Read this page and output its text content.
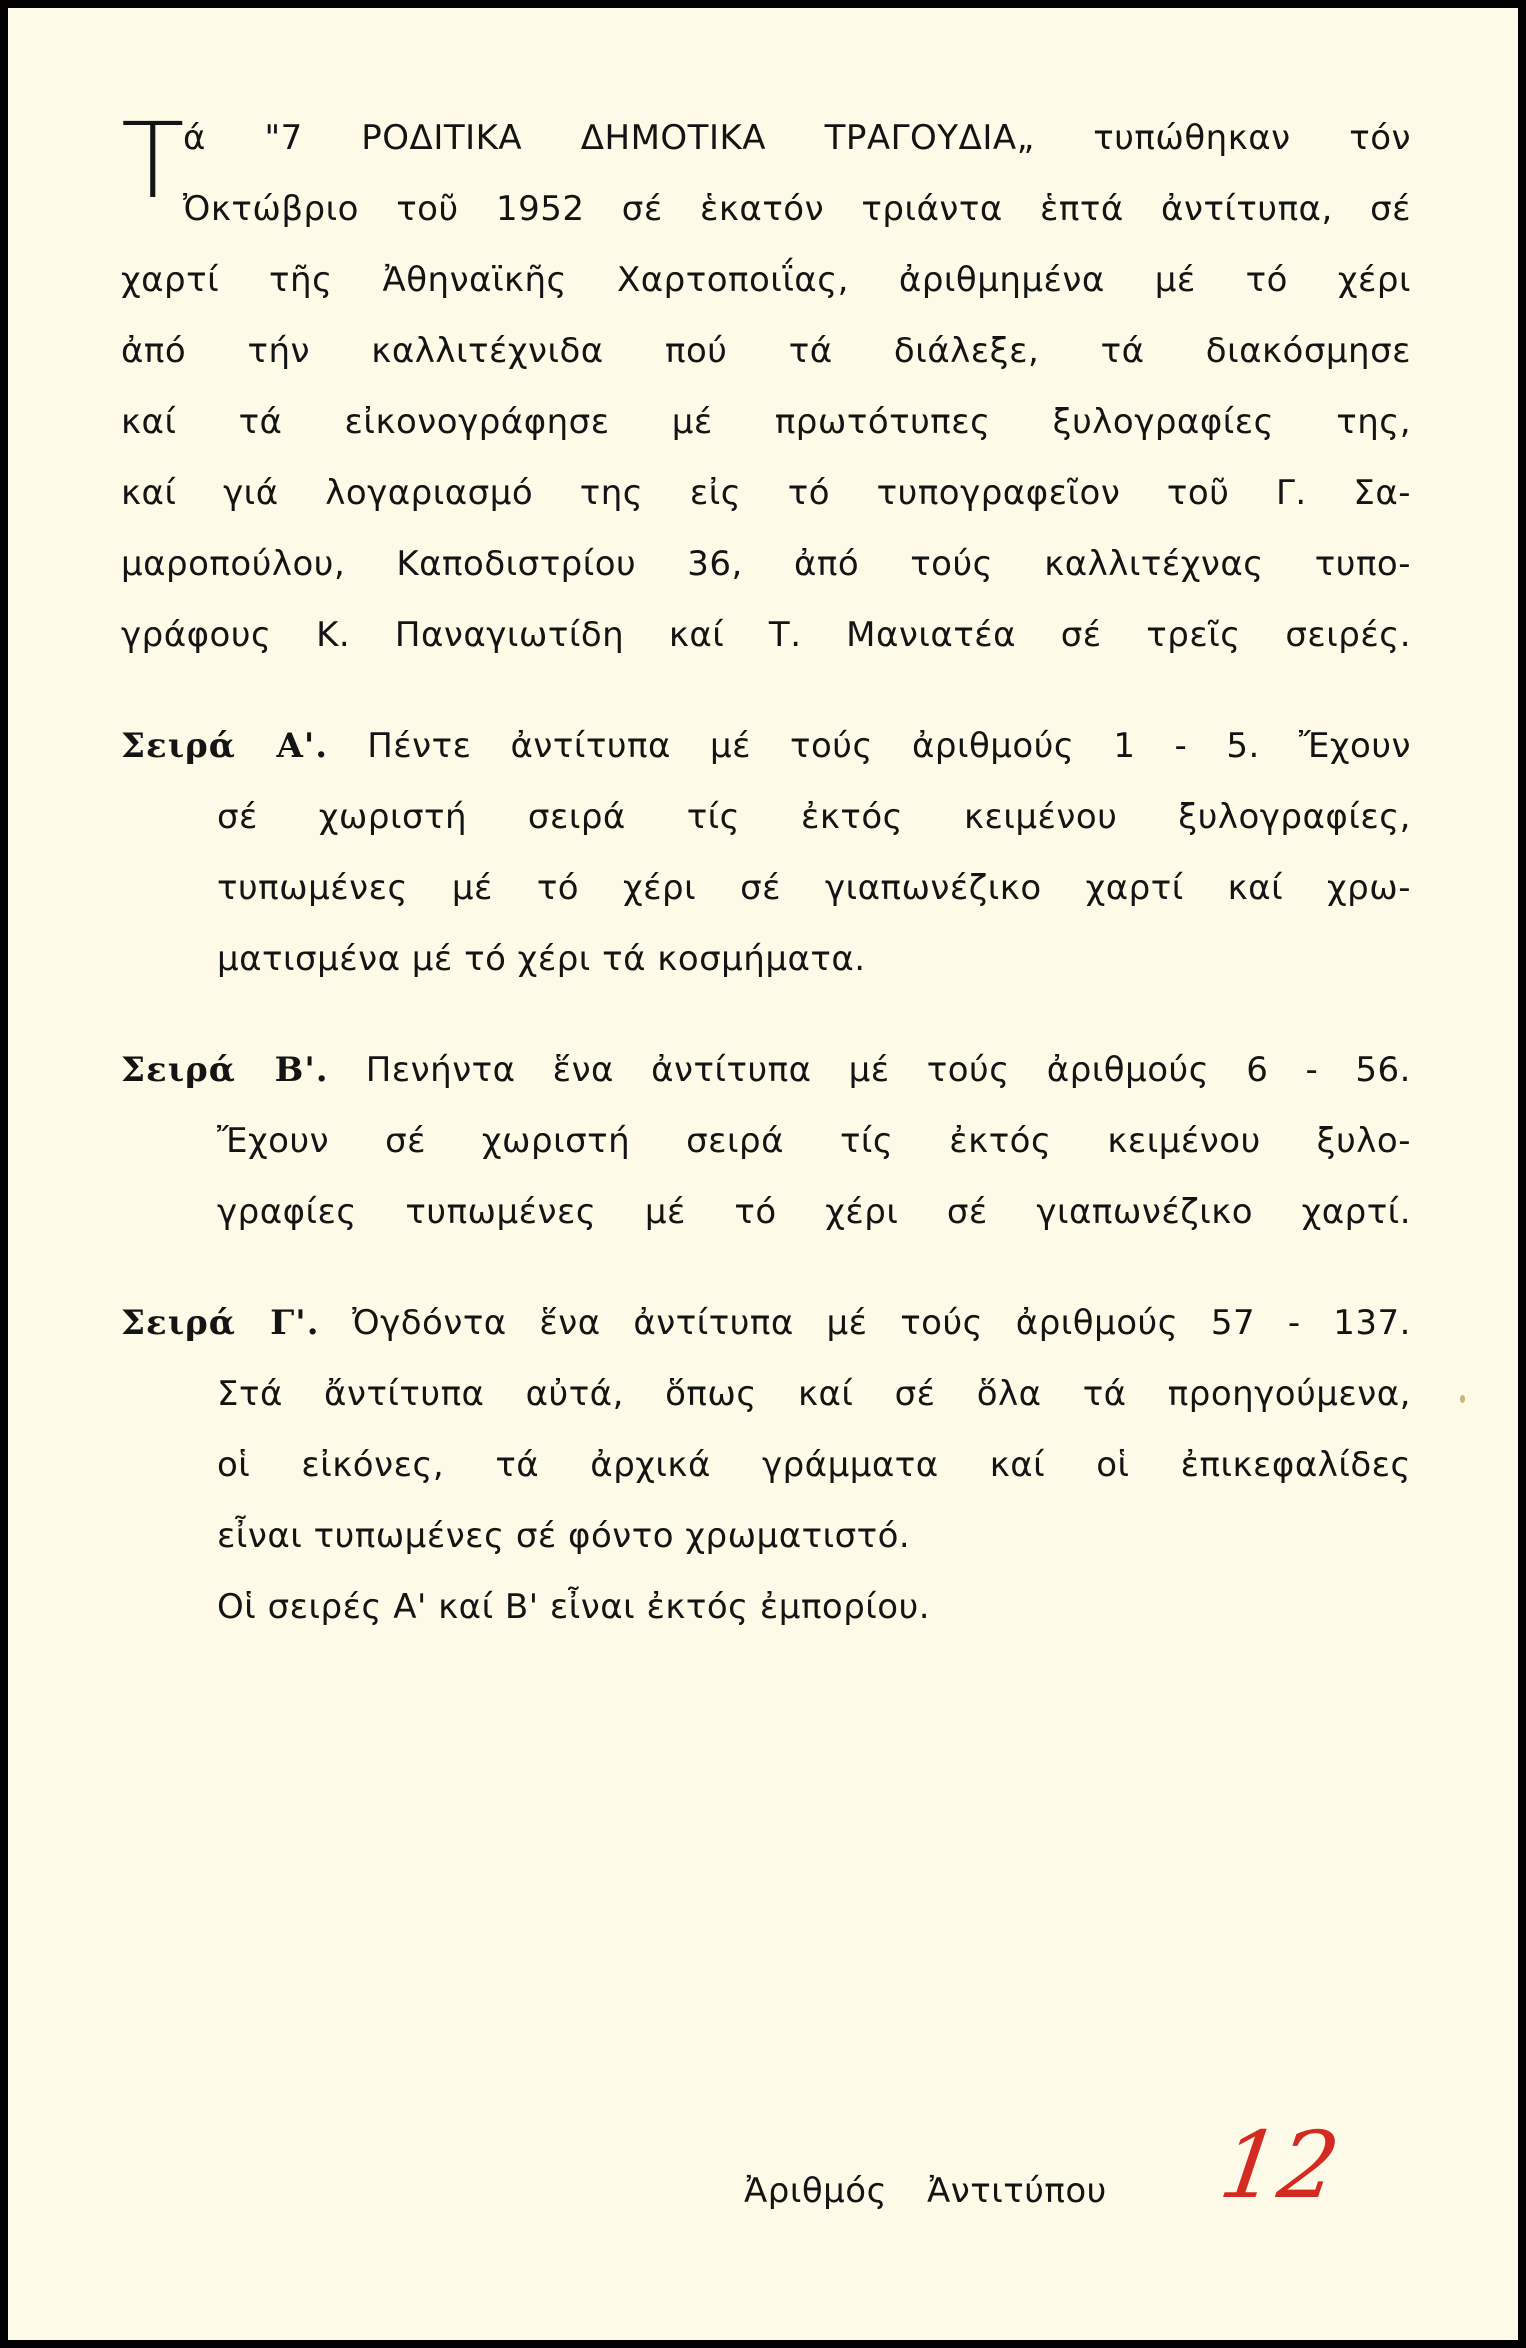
Τ
ά "7 ΡΟΔΙΤΙΚΑ ΔΗΜΟΤΙΚΑ ΤΡΑΓΟΥΔΙΑ„ τυπώθηκαν τόν
Ὀκτώβριο τοῦ 1952 σέ ἑκατόν τριάντα ἑπτά ἀντίτυπα, σέ
χαρτί τῆς Ἀθηναϊκῆς Χαρτοποιΐας, ἀριθμημένα μέ τό χέρι
ἀπό τήν καλλιτέχνιδα πού τά διάλεξε, τά διακόσμησε
καί τά εἰκονογράφησε μέ πρωτότυπες ξυλογραφίες της,
καί γιά λογαριασμό της εἰς τό τυπογραφεῖον τοῦ Γ. Σα-
μαροπούλου, Καποδιστρίου 36, ἀπό τούς καλλιτέχνας τυπο-
γράφους Κ. Παναγιωτίδη καί Τ. Μανιατέα σέ τρεῖς σειρές.
Σειρά Α'. Πέντε ἀντίτυπα μέ τούς ἀριθμούς 1 - 5. Ἔχουν
σέ χωριστή σειρά τίς ἐκτός κειμένου ξυλογραφίες,
τυπωμένες μέ τό χέρι σέ γιαπωνέζικο χαρτί καί χρω-
ματισμένα μέ τό χέρι τά κοσμήματα.
Σειρά Β'. Πενήντα ἕνα ἀντίτυπα μέ τούς ἀριθμούς 6 - 56.
Ἔχουν σέ χωριστή σειρά τίς ἐκτός κειμένου ξυλο-
γραφίες τυπωμένες μέ τό χέρι σέ γιαπωνέζικο χαρτί.
Σειρά Γ'. Ὀγδόντα ἕνα ἀντίτυπα μέ τούς ἀριθμούς 57 - 137.
Στά ἄντίτυπα αὐτά, ὅπως καί σέ ὅλα τά προηγούμενα,
οἱ εἰκόνες, τά ἀρχικά γράμματα καί οἱ ἐπικεφαλίδες
εἶναι τυπωμένες σέ φόντο χρωματιστό.
Οἱ σειρές Α' καί Β' εἶναι ἐκτός ἐμπορίου.
Ἀριθμός Ἀντιτύπου 12
